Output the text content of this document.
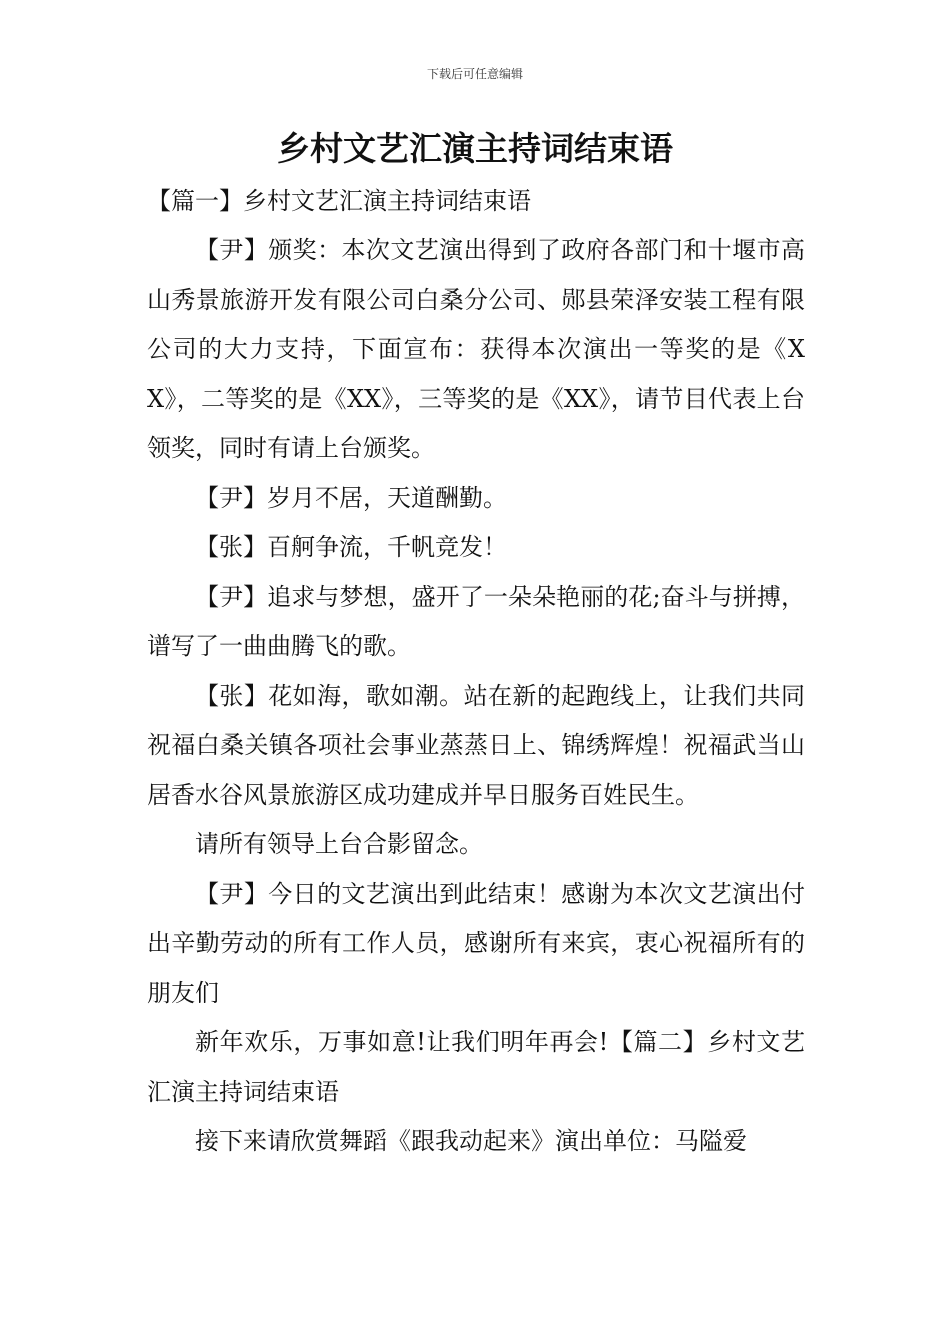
下载后可任意编辑
乡村文艺汇演主持词结束语
【篇一】乡村文艺汇演主持词结束语

【尹】颁奖：本次文艺演出得到了政府各部门和十堰市高山秀景旅游开发有限公司白桑分公司、郧县荣泽安装工程有限公司的大力支持，下面宣布：获得本次演出一等奖的是《XX》，二等奖的是《XX》，三等奖的是《XX》，请节目代表上台领奖，同时有请上台颁奖。

【尹】岁月不居，天道酬勤。

【张】百舸争流，千帆竞发！

【尹】追求与梦想，盛开了一朵朵艳丽的花;奋斗与拼搏，谱写了一曲曲腾飞的歌。

【张】花如海，歌如潮。站在新的起跑线上，让我们共同祝福白桑关镇各项社会事业蒸蒸日上、锦绣辉煌！祝福武当山居香水谷风景旅游区成功建成并早日服务百姓民生。

请所有领导上台合影留念。

【尹】今日的文艺演出到此结束！感谢为本次文艺演出付出辛勤劳动的所有工作人员，感谢所有来宾，衷心祝福所有的朋友们

新年欢乐，万事如意!让我们明年再会!【篇二】乡村文艺汇演主持词结束语

接下来请欣赏舞蹈《跟我动起来》演出单位：马隘爱
